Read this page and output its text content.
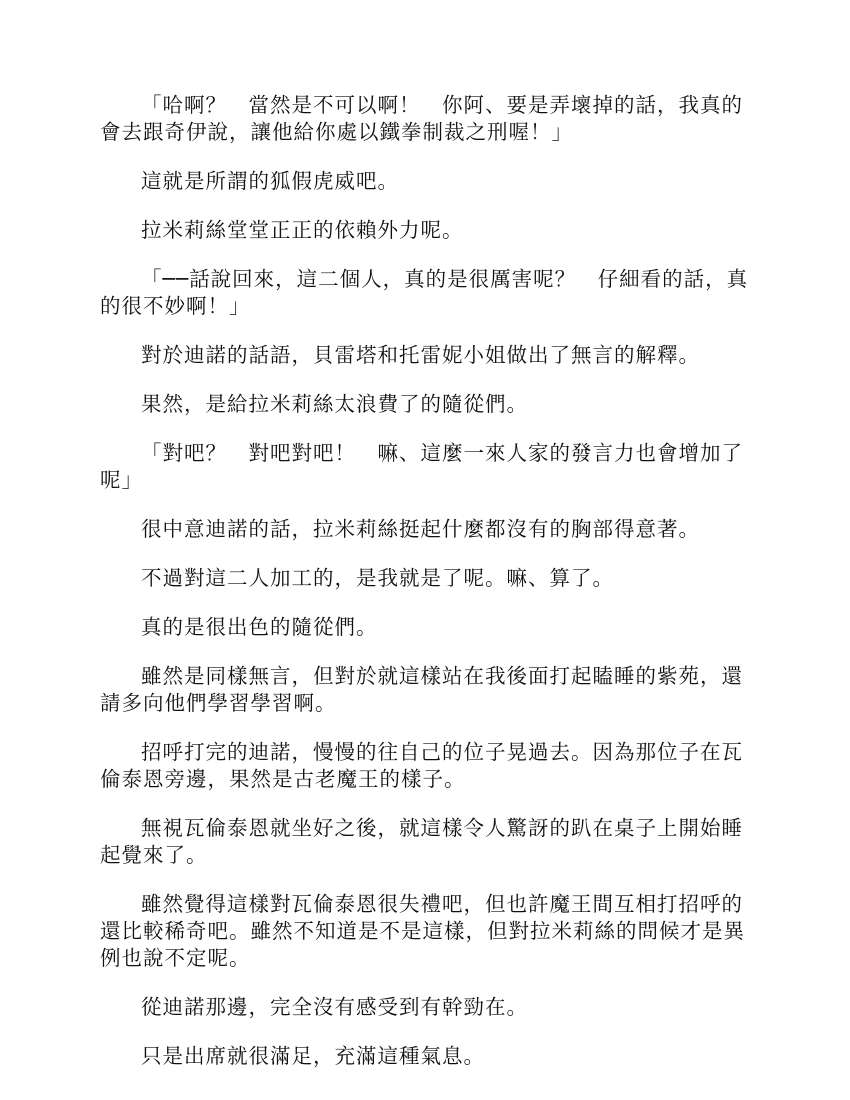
「哈啊？　當然是不可以啊！　你阿、要是弄壞掉的話，我真的會去跟奇伊說，讓他給你處以鐵拳制裁之刑喔！」

這就是所謂的狐假虎威吧。

拉米莉絲堂堂正正的依賴外力呢。

「──話說回來，這二個人，真的是很厲害呢？　仔細看的話，真的很不妙啊！」

對於迪諾的話語，貝雷塔和托雷妮小姐做出了無言的解釋。

果然，是給拉米莉絲太浪費了的隨從們。

「對吧？　對吧對吧！　嘛、這麼一來人家的發言力也會增加了呢」

很中意迪諾的話，拉米莉絲挺起什麼都沒有的胸部得意著。

不過對這二人加工的，是我就是了呢。嘛、算了。

真的是很出色的隨從們。

雖然是同樣無言，但對於就這樣站在我後面打起瞌睡的紫苑，還請多向他們學習學習啊。

招呼打完的迪諾，慢慢的往自己的位子晃過去。因為那位子在瓦倫泰恩旁邊，果然是古老魔王的樣子。

無視瓦倫泰恩就坐好之後，就這樣令人驚訝的趴在桌子上開始睡起覺來了。

雖然覺得這樣對瓦倫泰恩很失禮吧，但也許魔王間互相打招呼的還比較稀奇吧。雖然不知道是不是這樣，但對拉米莉絲的問候才是異例也說不定呢。

從迪諾那邊，完全沒有感受到有幹勁在。

只是出席就很滿足，充滿這種氣息。
